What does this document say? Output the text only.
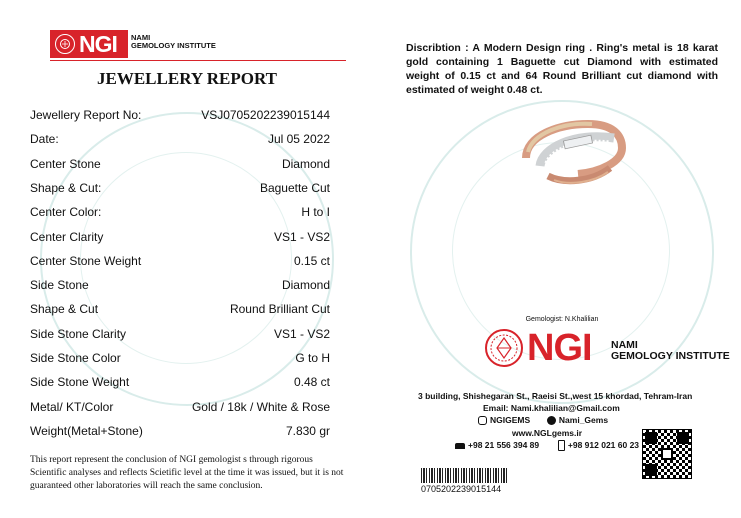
NGI NAMI
GEMOLOGY INSTITUTE
JEWELLERY REPORT
Jewellery Report No:	VSJ0705202239015144
Date:	Jul 05 2022
Center Stone	Diamond
Shape & Cut:	Baguette Cut
Center Color:	H to I
Center Clarity	VS1 - VS2
Center Stone Weight	0.15 ct
Side Stone	Diamond
Shape & Cut	Round Brilliant Cut
Side Stone Clarity	VS1 - VS2
Side Stone Color	G to H
Side Stone Weight	0.48 ct
Metal/ KT/Color	Gold / 18k / White & Rose
Weight(Metal+Stone)	7.830 gr
This report represent the conclusion of NGI gemologist s through rigorous Scientific analyses and reflects Scietific level at the time it was issued, but it is not guaranteed other laboratories will reach the same conclusion.
Discribtion : A Modern Design ring . Ring's metal is 18 karat gold containing 1 Baguette cut Diamond with estimated weight of 0.15 ct and 64 Round Brilliant cut diamond with estimated of weight 0.48 ct.
Gemologist: N.Khalilian
NGI NAMI
GEMOLOGY INSTITUTE
3 building, Shishegaran St., Raeisi St.,west 15 khordad, Tehram-Iran
Email: Nami.khalilian@Gmail.com
NGIGEMS	Nami_Gems
www.NGLgems.ir
+98 21 556 394 89	+98 912 021 60 23
0705202239015144
